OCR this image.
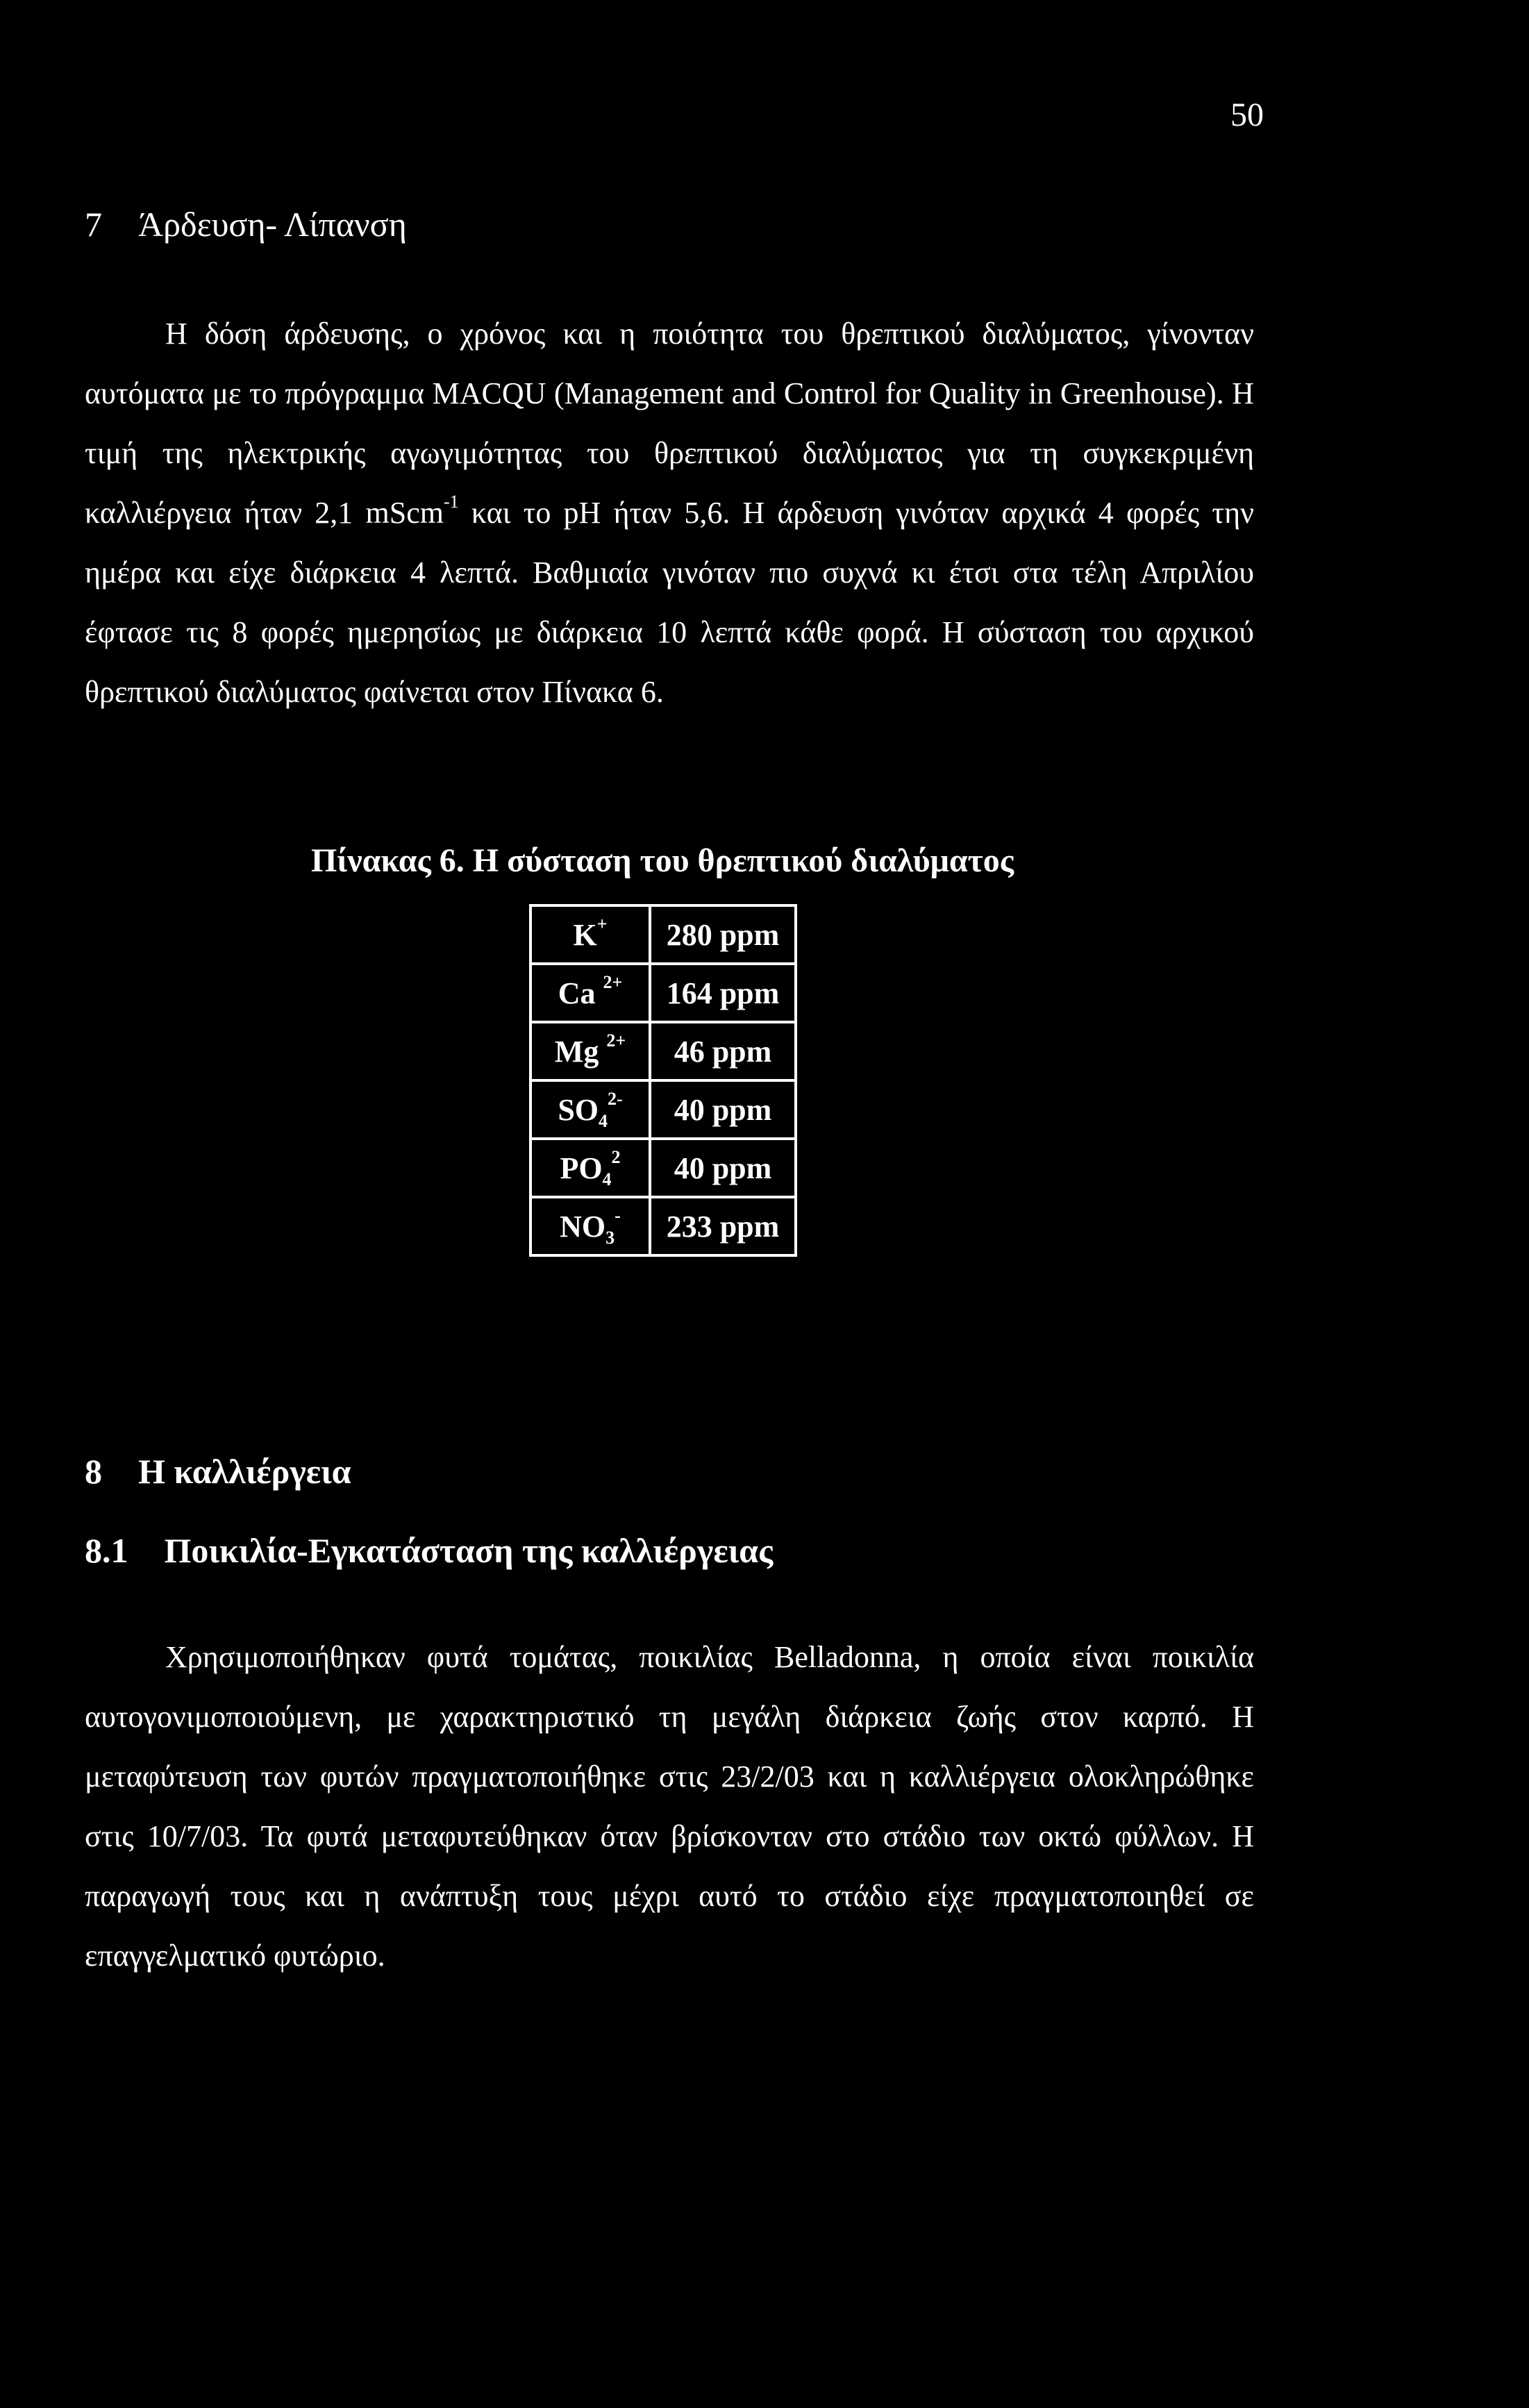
50
7 Άρδευση- Λίπανση

Η δόση άρδευσης, ο χρόνος και η ποιότητα του θρεπτικού διαλύματος, γίνονταν αυτόματα με το πρόγραμμα MACQU (Management and Control for Quality in Greenhouse). Η τιμή της ηλεκτρικής αγωγιμότητας του θρεπτικού διαλύματος για τη συγκεκριμένη καλλιέργεια ήταν 2,1 mScm$^{-1}$ και το pH ήταν 5,6. Η άρδευση γινόταν αρχικά 4 φορές την ημέρα και είχε διάρκεια 4 λεπτά. Βαθμιαία γινόταν πιο συχνά κι έτσι στα τέλη Απριλίου έφτασε τις 8 φορές ημερησίως με διάρκεια 10 λεπτά κάθε φορά. Η σύσταση του αρχικού θρεπτικού διαλύματος φαίνεται στον Πίνακα 6.

Πίνακας 6. Η σύσταση του θρεπτικού διαλύματος
K+	280 ppm
Ca $^{2+}$	164 ppm
Mg $^{2+}$	46 ppm
$SO_4^{2-}$	40 ppm
$PO_4^2$	40 ppm
$NO_3^-$	233 ppm
8 Η καλλιέργεια
8.1 Ποικιλία-Εγκατάσταση της καλλιέργειας

Χρησιμοποιήθηκαν φυτά τομάτας, ποικιλίας Belladonna, η οποία είναι ποικιλία αυτογονιμοποιούμενη, με χαρακτηριστικό τη μεγάλη διάρκεια ζωής στον καρπό. Η μεταφύτευση των φυτών πραγματοποιήθηκε στις 23/2/03 και η καλλιέργεια ολοκληρώθηκε στις 10/7/03. Τα φυτά μεταφυτεύθηκαν όταν βρίσκονταν στο στάδιο των οκτώ φύλλων. Η παραγωγή τους και η ανάπτυξη τους μέχρι αυτό το στάδιο είχε πραγματοποιηθεί σε επαγγελματικό φυτώριο.
